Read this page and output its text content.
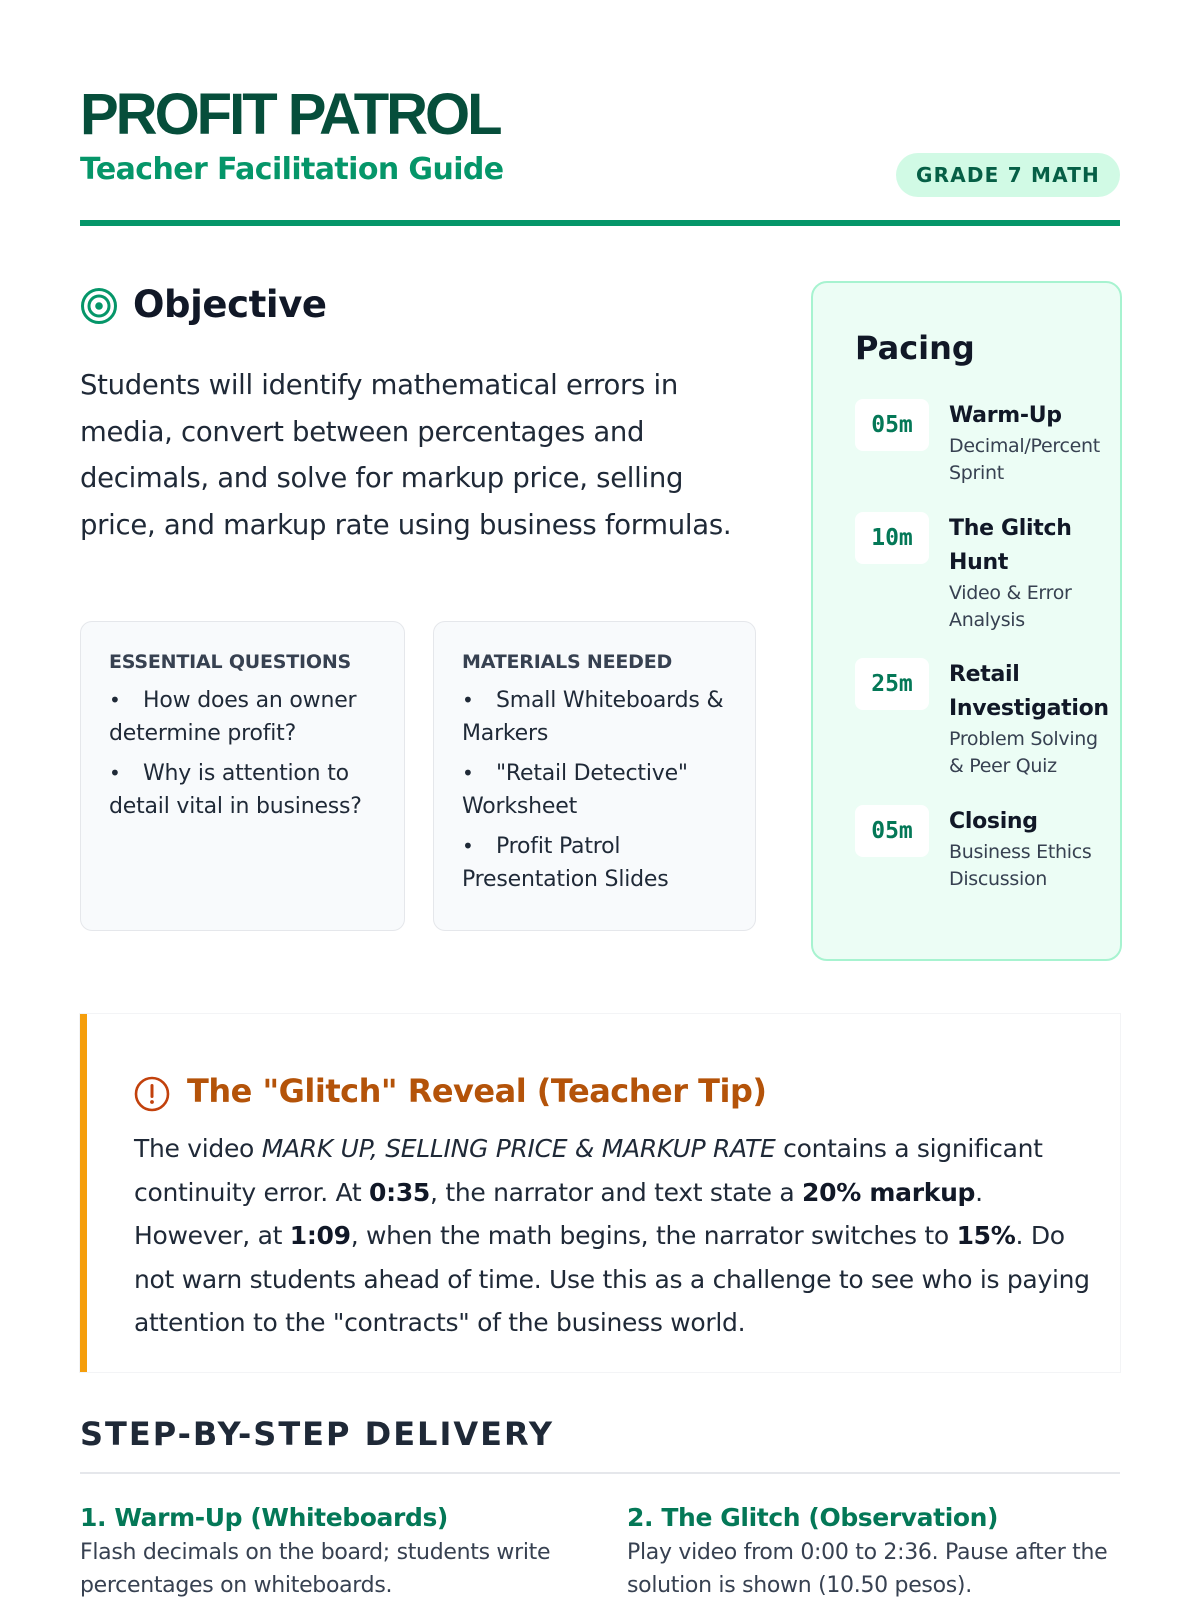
PROFIT PATROL
Teacher Facilitation Guide	GRADE 7 MATH
Objective

Students will identify mathematical errors in media, convert between percentages and decimals, and solve for markup price, selling price, and markup rate using business formulas.

ESSENTIAL QUESTIONS
• How does an owner determine profit?
• Why is attention to detail vital in business?
MATERIALS NEEDED
• Small Whiteboards & Markers
• "Retail Detective" Worksheet
• Profit Patrol Presentation Slides
Pacing
05m	Warm-Up
Decimal/Percent Sprint
10m	The Glitch Hunt
Video & Error Analysis
25m	Retail Investigation
Problem Solving & Peer Quiz
05m	Closing
Business Ethics Discussion
The "Glitch" Reveal (Teacher Tip)

The video MARK UP, SELLING PRICE & MARKUP RATE contains a significant continuity error. At 0:35, the narrator and text state a 20% markup. However, at 1:09, when the math begins, the narrator switches to 15%. Do not warn students ahead of time. Use this as a challenge to see who is paying attention to the "contracts" of the business world.

STEP-BY-STEP DELIVERY
1. Warm-Up (Whiteboards)
Flash decimals on the board; students write percentages on whiteboards.
2. The Glitch (Observation)
Play video from 0:00 to 2:36. Pause after the solution is shown (10.50 pesos).
